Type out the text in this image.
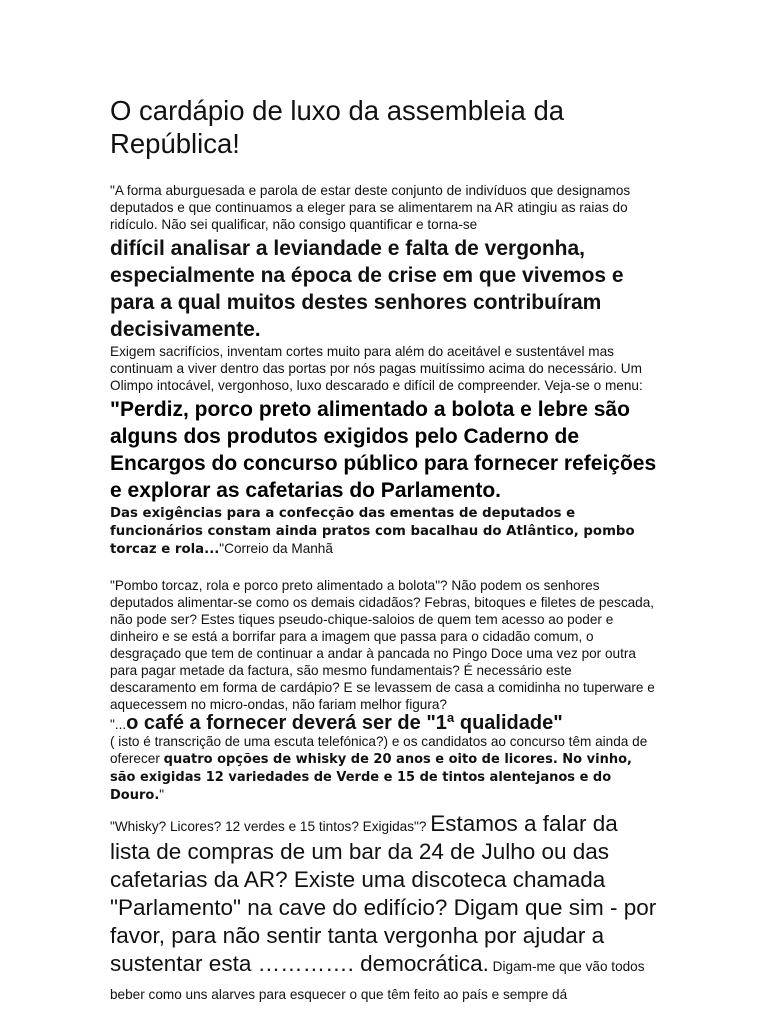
O cardápio de luxo da assembleia da República!

"A forma aburguesada e parola de estar deste conjunto de indivíduos que designamos deputados e que continuamos a eleger para se alimentarem na AR atingiu as raias do ridículo. Não sei qualificar, não consigo quantificar e torna-se

difícil analisar a leviandade e falta de vergonha, especialmente na época de crise em que vivemos e para a qual muitos destes senhores contribuíram decisivamente.

Exigem sacrifícios, inventam cortes muito para além do aceitável e sustentável mas continuam a viver dentro das portas por nós pagas muitíssimo acima do necessário. Um Olimpo intocável, vergonhoso, luxo descarado e difícil de compreender. Veja-se o menu:

"Perdiz, porco preto alimentado a bolota e lebre são alguns dos produtos exigidos pelo Caderno de Encargos do concurso público para fornecer refeições e explorar as cafetarias do Parlamento.

Das exigências para a confecção das ementas de deputados e funcionários constam ainda pratos com bacalhau do Atlântico, pombo torcaz e rola..."Correio da Manhã

"Pombo torcaz, rola e porco preto alimentado a bolota"? Não podem os senhores deputados alimentar-se como os demais cidadãos? Febras, bitoques e filetes de pescada, não pode ser? Estes tiques pseudo-chique-saloios de quem tem acesso ao poder e dinheiro e se está a borrifar para a imagem que passa para o cidadão comum, o desgraçado que tem de continuar a andar à pancada no Pingo Doce uma vez por outra para pagar metade da factura, são mesmo fundamentais? É necessário este descaramento em forma de cardápio? E se levassem de casa a comidinha no tuperware e aquecessem no micro-ondas, não fariam melhor figura?

"...o café a fornecer deverá ser de "1ª qualidade"
( isto é transcrição de uma escuta telefónica?) e os candidatos ao concurso têm ainda de oferecer quatro opções de whisky de 20 anos e oito de licores. No vinho, são exigidas 12 variedades de Verde e 15 de tintos alentejanos e do Douro."

"Whisky? Licores? 12 verdes e 15 tintos? Exigidas"? Estamos a falar da lista de compras de um bar da 24 de Julho ou das cafetarias da AR? Existe uma discoteca chamada "Parlamento" na cave do edifício? Digam que sim - por favor, para não sentir tanta vergonha por ajudar a sustentar esta …………. democrática. Digam-me que vão todos beber como uns alarves para esquecer o que têm feito ao país e sempre dá
